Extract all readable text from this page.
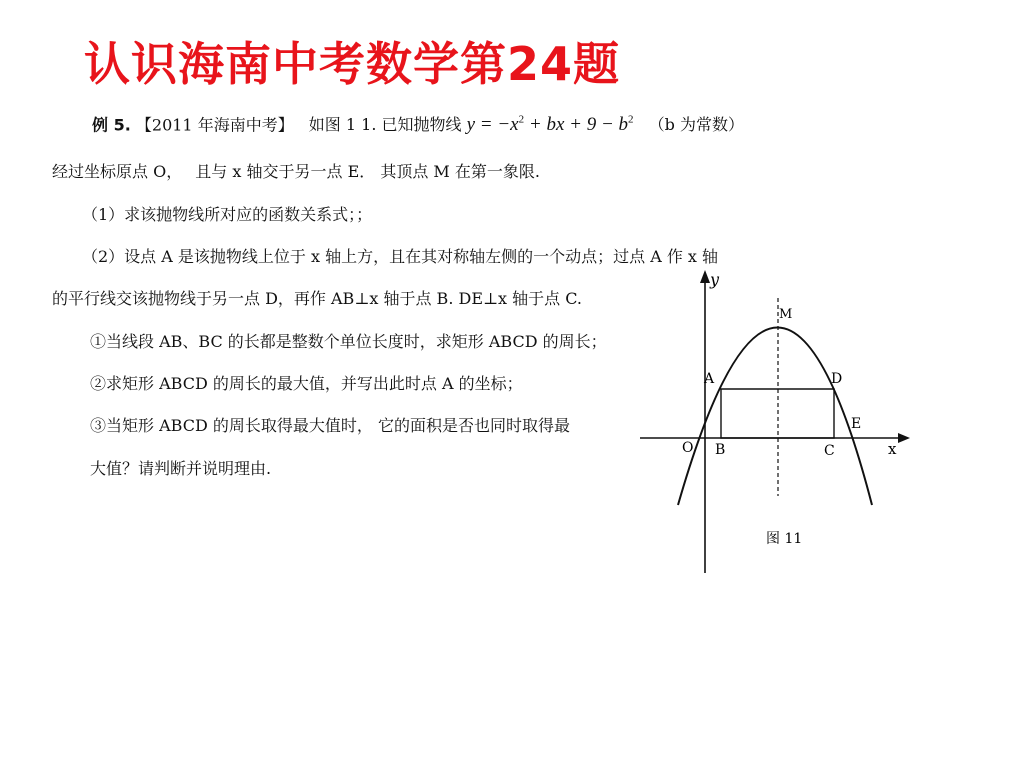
认识海南中考数学第24题
例 5. 【2011 年海南中考】 如图 1 1. 已知抛物线 $y = -x^2$ + bx + $9 - b^2$ （b 为常数）
经过坐标原点 O，　 且与 x 轴交于另一点 E． 其顶点 M 在第一象限.
（1）求该抛物线所对应的函数关系式；；
（2）设点 A 是该抛物线上位于 x 轴上方，且在其对称轴左侧的一个动点；过点 A 作 x 轴
的平行线交该抛物线于另一点 D，再作 AB⊥x 轴于点 B. DE⊥x 轴于点 C.
①当线段 AB、BC 的长都是整数个单位长度时，求矩形 ABCD 的周长；
②求矩形 ABCD 的周长的最大值，并写出此时点 A 的坐标；
③当矩形 ABCD 的周长取得最大值时， 它的面积是否也同时取得最
大值？请判断并说明理由.
y
x
O
M
A	D
E
B	C
图 11
